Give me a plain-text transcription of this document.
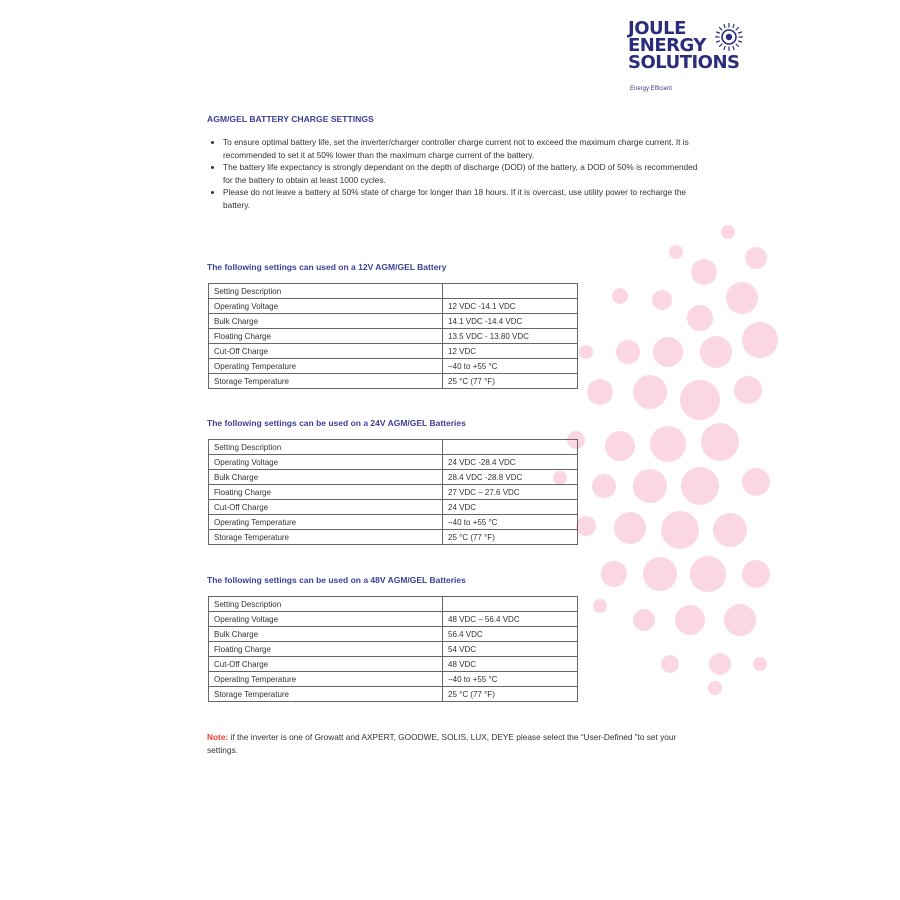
JOULE
ENERGY
SOLUTIONS
Energy Efficient
AGM/GEL BATTERY CHARGE SETTINGS
• To ensure optimal battery life, set the inverter/charger controller charge current not to exceed the maximum charge current. It is recommended to set it at 50% lower than the maximum charge current of the battery.
• The battery life expectancy is strongly dependant on the depth of discharge (DOD) of the battery, a DOD of 50% is recommended for the battery to obtain at least 1000 cycles.
• Please do not leave a battery at 50% state of charge for longer than 18 hours. If it is overcast, use utility power to recharge the battery.
The following settings can used on a 12V AGM/GEL Battery
Setting Description	
Operating Voltage	12 VDC -14.1 VDC
Bulk Charge	14.1 VDC -14.4 VDC
Floating Charge	13.5 VDC - 13.80 VDC
Cut-Off Charge	12 VDC
Operating Temperature	−40 to +55 °C
Storage Temperature	25 °C (77 °F)
The following settings can be used on a 24V AGM/GEL Batteries
Setting Description	
Operating Voltage	24 VDC -28.4 VDC
Bulk Charge	28.4 VDC -28.8 VDC
Floating Charge	27 VDC – 27.6 VDC
Cut-Off Charge	24 VDC
Operating Temperature	−40 to +55 °C
Storage Temperature	25 °C (77 °F)
The following settings can be used on a 48V AGM/GEL Batteries
Setting Description	
Operating Voltage	48 VDC – 56.4 VDC
Bulk Charge	56.4 VDC
Floating Charge	54 VDC
Cut-Off Charge	48 VDC
Operating Temperature	−40 to +55 °C
Storage Temperature	25 °C (77 °F)

Note: if the inverter is one of Growatt and AXPERT, GOODWE, SOLIS, LUX, DEYE please select the “User-Defined ”to set your settings.
